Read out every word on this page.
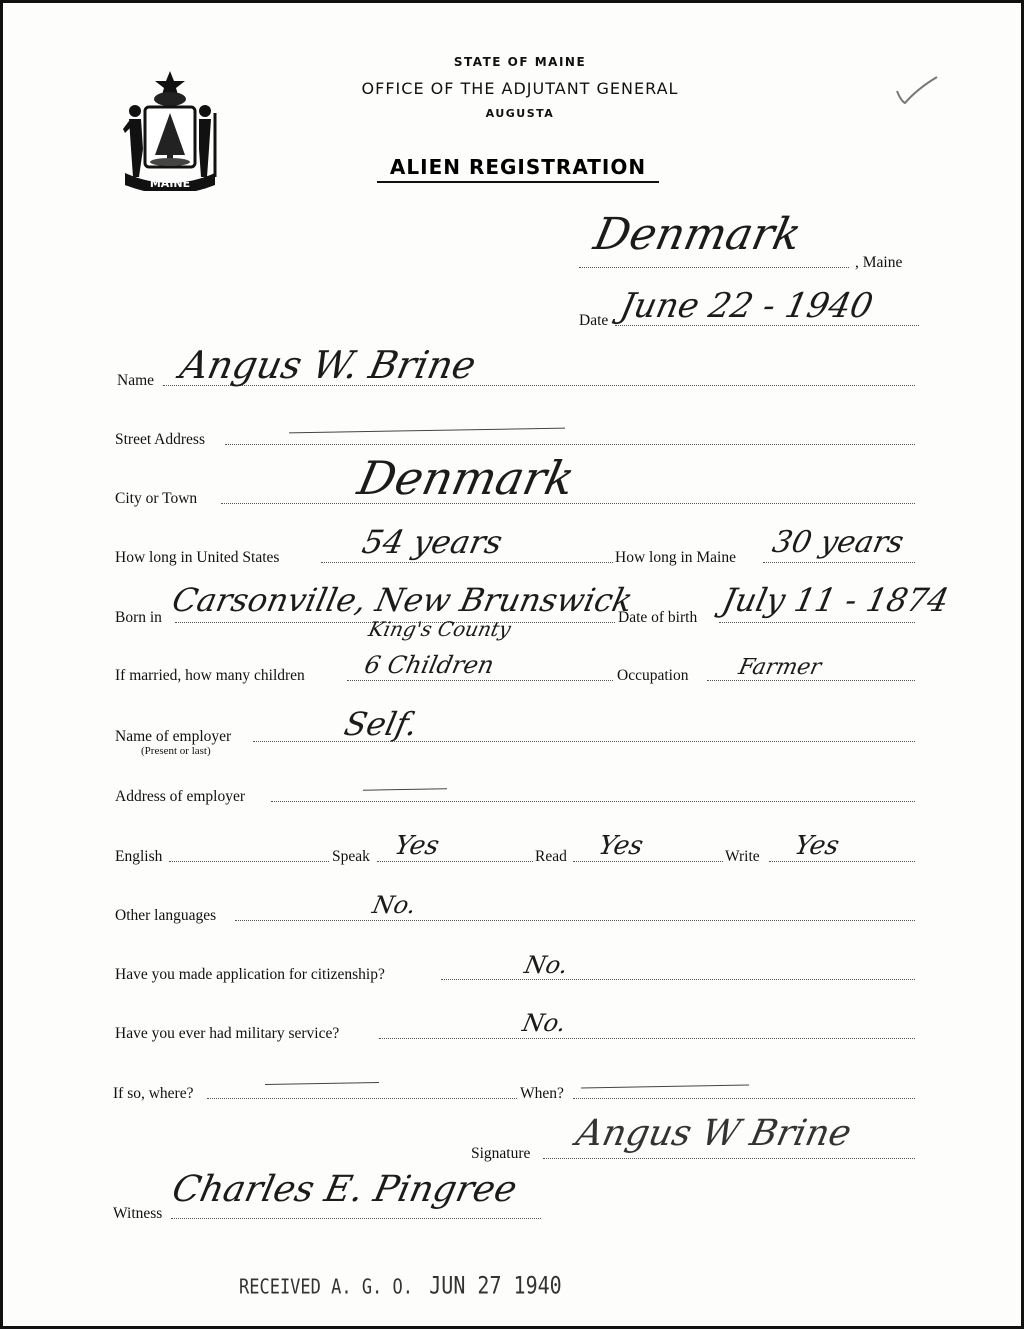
MAINE
STATE OF MAINE
OFFICE OF THE ADJUTANT GENERAL
AUGUSTA
ALIEN REGISTRATION
Denmark
, Maine
Date June 22 - 1940
Name Angus W. Brine
Street Address
City or Town	Denmark
How long in United States 54 years	How long in Maine 30 years
Born in Carsonville, New Brunswick
King's County	Date of birth July 11 - 1874
If married, how many children 6 Children	Occupation Farmer
Name of employer
(Present or last)
Self.
Address of employer
English	Speak Yes	Read Yes	Write Yes
Other languages	No.
Have you made application for citizenship?	No.
Have you ever had military service?	No.
If so, where?	When?
Signature Angus W Brine
Witness
Charles E. Pingree
RECEIVED A. G. O. JUN 27 1940
